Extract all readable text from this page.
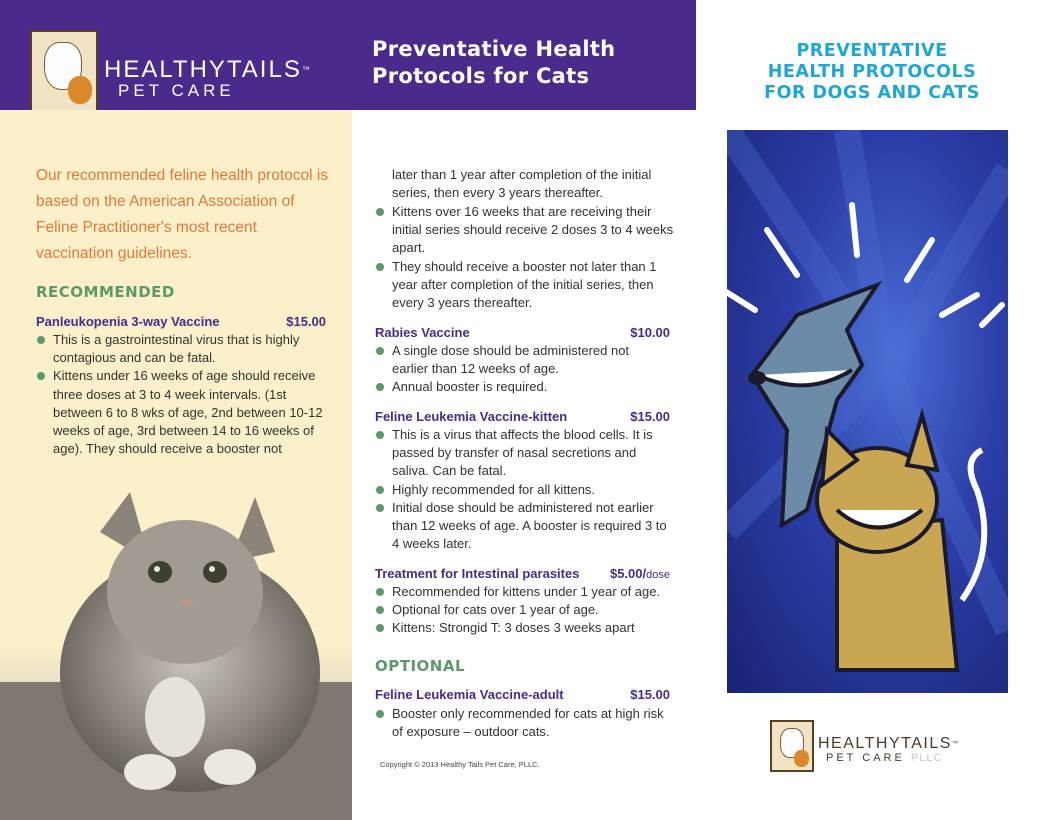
HEALTHYTAILS™
PET CARE
Preventative Health
Protocols for Cats
Our recommended feline health protocol is based on the American Association of Feline Practitioner's most recent vaccination guidelines.
RECOMMENDED
Panleukopenia 3-way Vaccine	$15.00
This is a gastrointestinal virus that is highly contagious and can be fatal.
Kittens under 16 weeks of age should receive three doses at 3 to 4 week intervals. (1st between 6 to 8 wks of age, 2nd between 10-12 weeks of age, 3rd between 14 to 16 weeks of age). They should receive a booster not
later than 1 year after completion of the initial series, then every 3 years thereafter.
Kittens over 16 weeks that are receiving their initial series should receive 2 doses 3 to 4 weeks apart.
They should receive a booster not later than 1 year after completion of the initial series, then every 3 years thereafter.
Rabies Vaccine	$10.00
A single dose should be administered not earlier than 12 weeks of age.
Annual booster is required.
Feline Leukemia Vaccine-kitten	$15.00
This is a virus that affects the blood cells. It is passed by transfer of nasal secretions and saliva. Can be fatal.
Highly recommended for all kittens.
Initial dose should be administered not earlier than 12 weeks of age. A booster is required 3 to 4 weeks later.
Treatment for Intestinal parasites	$5.00/dose
Recommended for kittens under 1 year of age.
Optional for cats over 1 year of age.
Kittens: Strongid T: 3 doses 3 weeks apart
OPTIONAL
Feline Leukemia Vaccine-adult	$15.00
Booster only recommended for cats at high risk of exposure – outdoor cats.
Copyright © 2013 Healthy Tails Pet Care, PLLC.
PREVENTATIVE
HEALTH PROTOCOLS
FOR DOGS AND CATS
HEALTHYTAILS™
PET CARE PLLC
